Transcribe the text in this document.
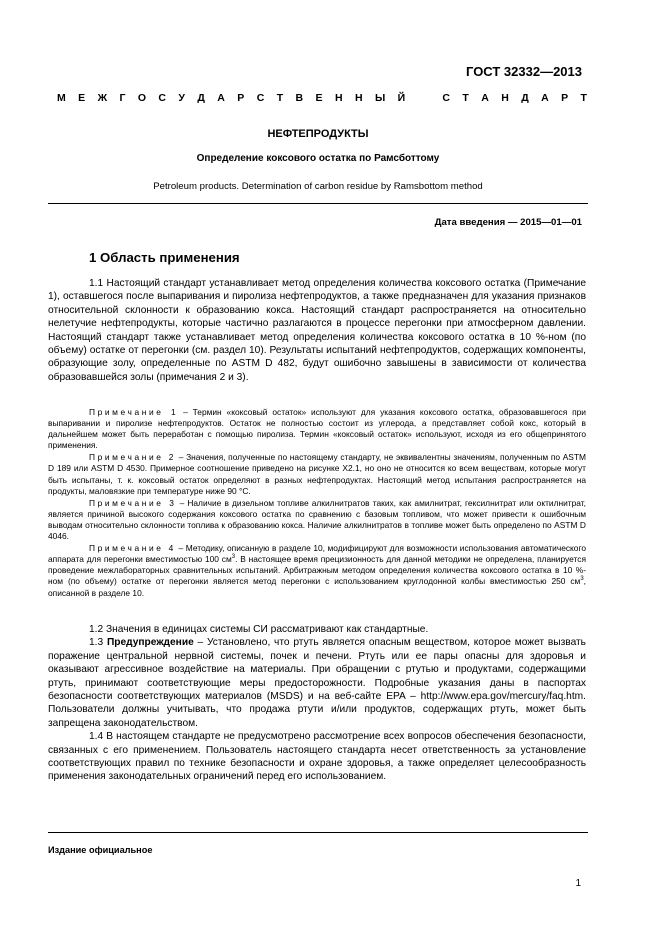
ГОСТ 32332—2013
М Е Ж Г О С У Д А Р С Т В Е Н Н Ы Й	С Т А Н Д А Р Т
НЕФТЕПРОДУКТЫ
Определение коксового остатка по Рамсботтому
Petroleum products. Determination of carbon residue by Ramsbottom method
Дата введения — 2015—01—01
1 Область применения

1.1 Настоящий стандарт устанавливает метод определения количества коксового остатка (Примечание 1), оставшегося после выпаривания и пиролиза нефтепродуктов, а также предназначен для указания признаков относительной склонности к образованию кокса. Настоящий стандарт распространяется на относительно нелетучие нефтепродукты, которые частично разлагаются в процессе перегонки при атмосферном давлении. Настоящий стандарт также устанавливает метод определения количества коксового остатка в 10 %-ном (по объему) остатке от перегонки (см. раздел 10). Результаты испытаний нефтепродуктов, содержащих компоненты, образующие золу, определенные по ASTM D 482, будут ошибочно завышены в зависимости от количества образовавшейся золы (примечания 2 и 3).

Примечание 1 – Термин «коксовый остаток» используют для указания коксового остатка, образовавшегося при выпаривании и пиролизе нефтепродуктов. Остаток не полностью состоит из углерода, а представляет собой кокс, который в дальнейшем может быть переработан с помощью пиролиза. Термин «коксовый остаток» используют, исходя из его общепринятого применения.

Примечание 2 – Значения, полученные по настоящему стандарту, не эквивалентны значениям, полученным по ASTM D 189 или ASTM D 4530. Примерное соотношение приведено на рисунке Х2.1, но оно не относится ко всем веществам, которые могут быть испытаны, т. к. коксовый остаток определяют в разных нефтепродуктах. Настоящий метод испытания распространяется на продукты, маловязкие при температуре ниже 90 °C.

Примечание 3 – Наличие в дизельном топливе алкилнитратов таких, как амилнитрат, гексилнитрат или октилнитрат, является причиной высокого содержания коксового остатка по сравнению с базовым топливом, что может привести к ошибочным выводам относительно склонности топлива к образованию кокса. Наличие алкилнитратов в топливе может быть определено по ASTM D 4046.

Примечание 4 – Методику, описанную в разделе 10, модифицируют для возможности использования автоматического аппарата для перегонки вместимостью 100 $см^3$. В настоящее время прецизионность для данной методики не определена, планируется проведение межлабораторных сравнительных испытаний. Арбитражным методом определения количества коксового остатка в 10 %-ном (по объему) остатке от перегонки является метод перегонки с использованием круглодонной колбы вместимостью 250 $см^3$, описанной в разделе 10.

1.2 Значения в единицах системы СИ рассматривают как стандартные.

1.3 Предупреждение – Установлено, что ртуть является опасным веществом, которое может вызвать поражение центральной нервной системы, почек и печени. Ртуть или ее пары опасны для здоровья и оказывают агрессивное воздействие на материалы. При обращении с ртутью и продуктами, содержащими ртуть, принимают соответствующие меры предосторожности. Подробные указания даны в паспортах безопасности соответствующих материалов (MSDS) и на веб-сайте EPA – http://www.epa.gov/mercury/faq.htm. Пользователи должны учитывать, что продажа ртути и/или продуктов, содержащих ртуть, может быть запрещена законодательством.

1.4 В настоящем стандарте не предусмотрено рассмотрение всех вопросов обеспечения безопасности, связанных с его применением. Пользователь настоящего стандарта несет ответственность за установление соответствующих правил по технике безопасности и охране здоровья, а также определяет целесообразность применения законодательных ограничений перед его использованием.

Издание официальное
1
